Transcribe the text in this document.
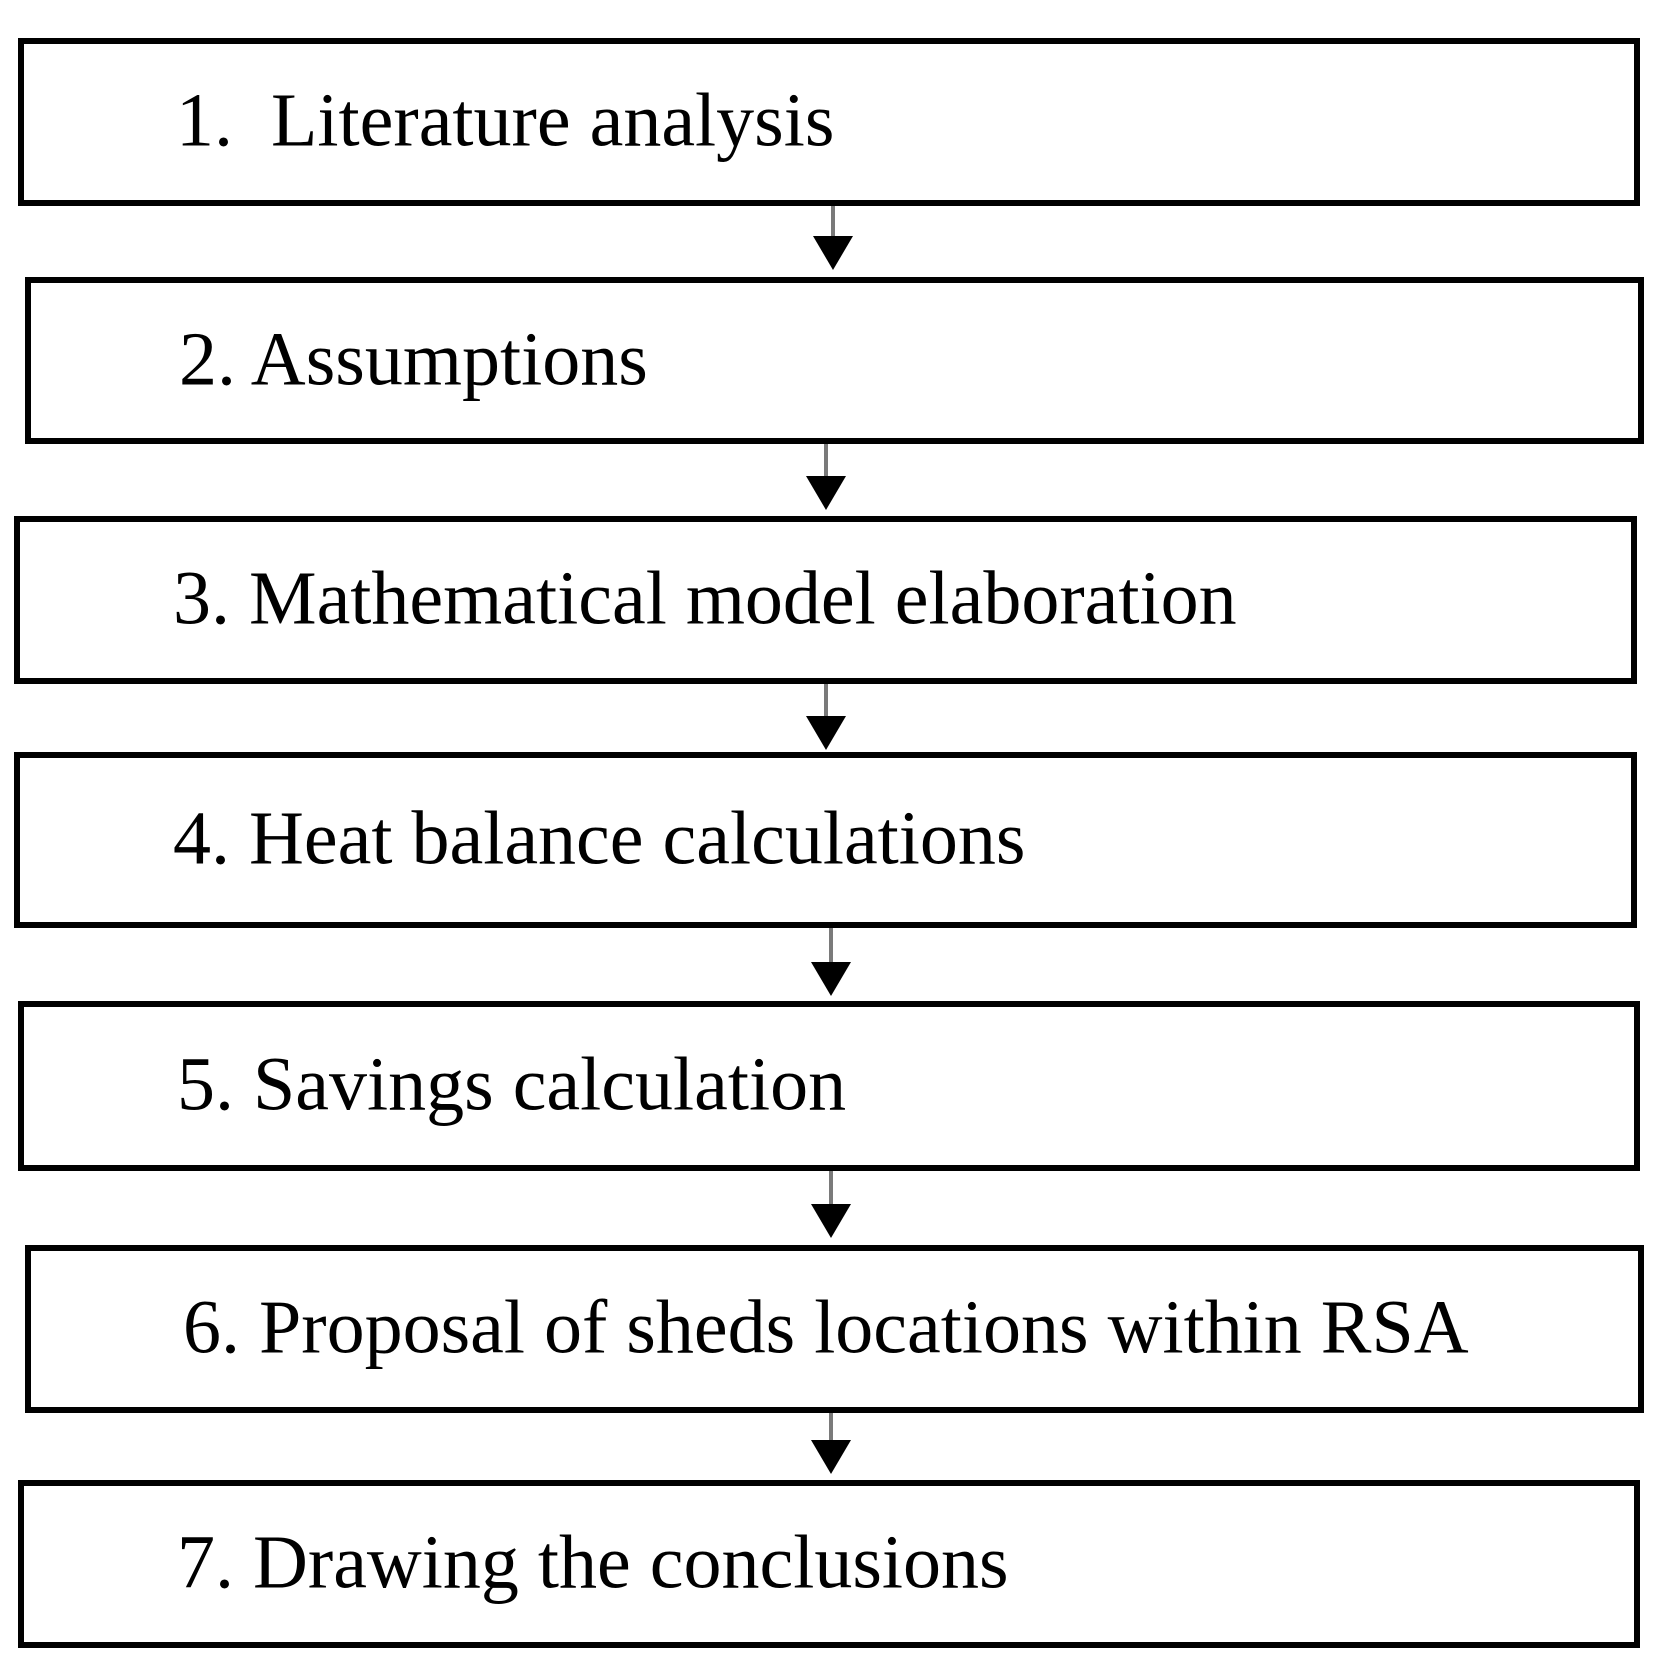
1.  Literature analysis
2. Assumptions
3. Mathematical model elaboration
4. Heat balance calculations
5. Savings calculation
6. Proposal of sheds locations within RSA
7. Drawing the conclusions
